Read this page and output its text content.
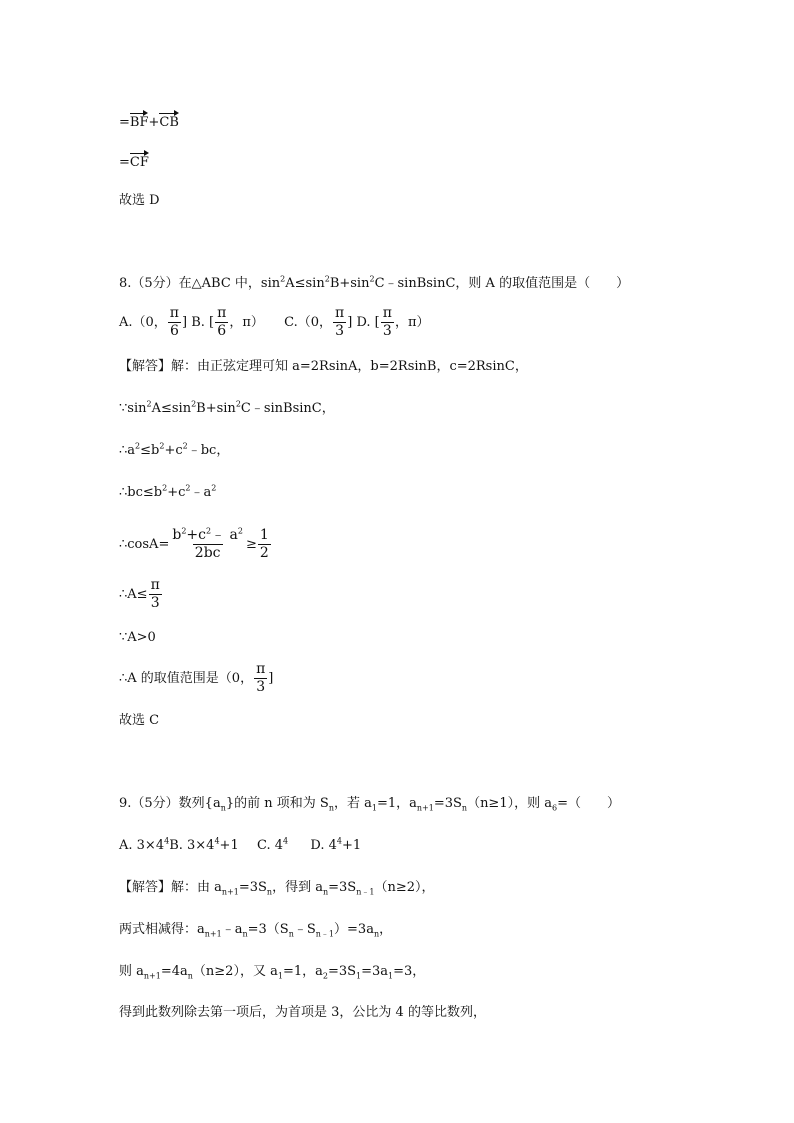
=BF+CB
=CF
故选 D
8.（5分）在△ABC 中，$\sin^2A\le\sin^2B+\sin^2C﹣sinBsinC$，则 A 的取值范围是（　　）
A.（0， $\frac{\pi}{6}$ ] B. [ $\frac{\pi}{6}$ ，π） C.（0， $\frac{\pi}{3}$ ] D. [ $\frac{\pi}{3}$ ，π）
【解答】解：由正弦定理可知 a=2RsinA，b=2RsinB，c=2RsinC，
$\because\sin^2A\le\sin^2B+\sin^2C﹣sinBsinC$，
$\therefore a^2\le b^2+c^2﹣bc$，
$\therefore bc\le b^2+c^2﹣a^2$
∴cosA= $\frac{b^2+c^2﹣ a^2}{2bc} \ge \frac{1}{2}$
∴A≤ $\frac{\pi}{3}$
∵A>0
∴A 的取值范围是（0， $\frac{\pi}{3}$ ]
故选 C
9.（5分）数列$\{a_n\}$的前 n 项和为 $S_n$，若 $a_1=1$，$a_{n+1}=3S_n(n\ge 1)$，则 $a_6=$（　　）
A. $3\times 4^4B$. $3\times 4^4+1$ C. $4^4$ D. $4^4+1$
【解答】解：由 $a_{n+1}=3S_n$，得到 $a_n=3S_{n﹣1}(n\ge 2)$，
两式相减得：$a_{n+1}﹣a_n=3(S_n﹣S_{n﹣1})=3a_n$，
则 $a_{n+1}=4a_n(n\ge 2)$，又 $a_1=1$，$a_2=3S_1=3a_1=3$，
得到此数列除去第一项后，为首项是 3，公比为 4 的等比数列，
